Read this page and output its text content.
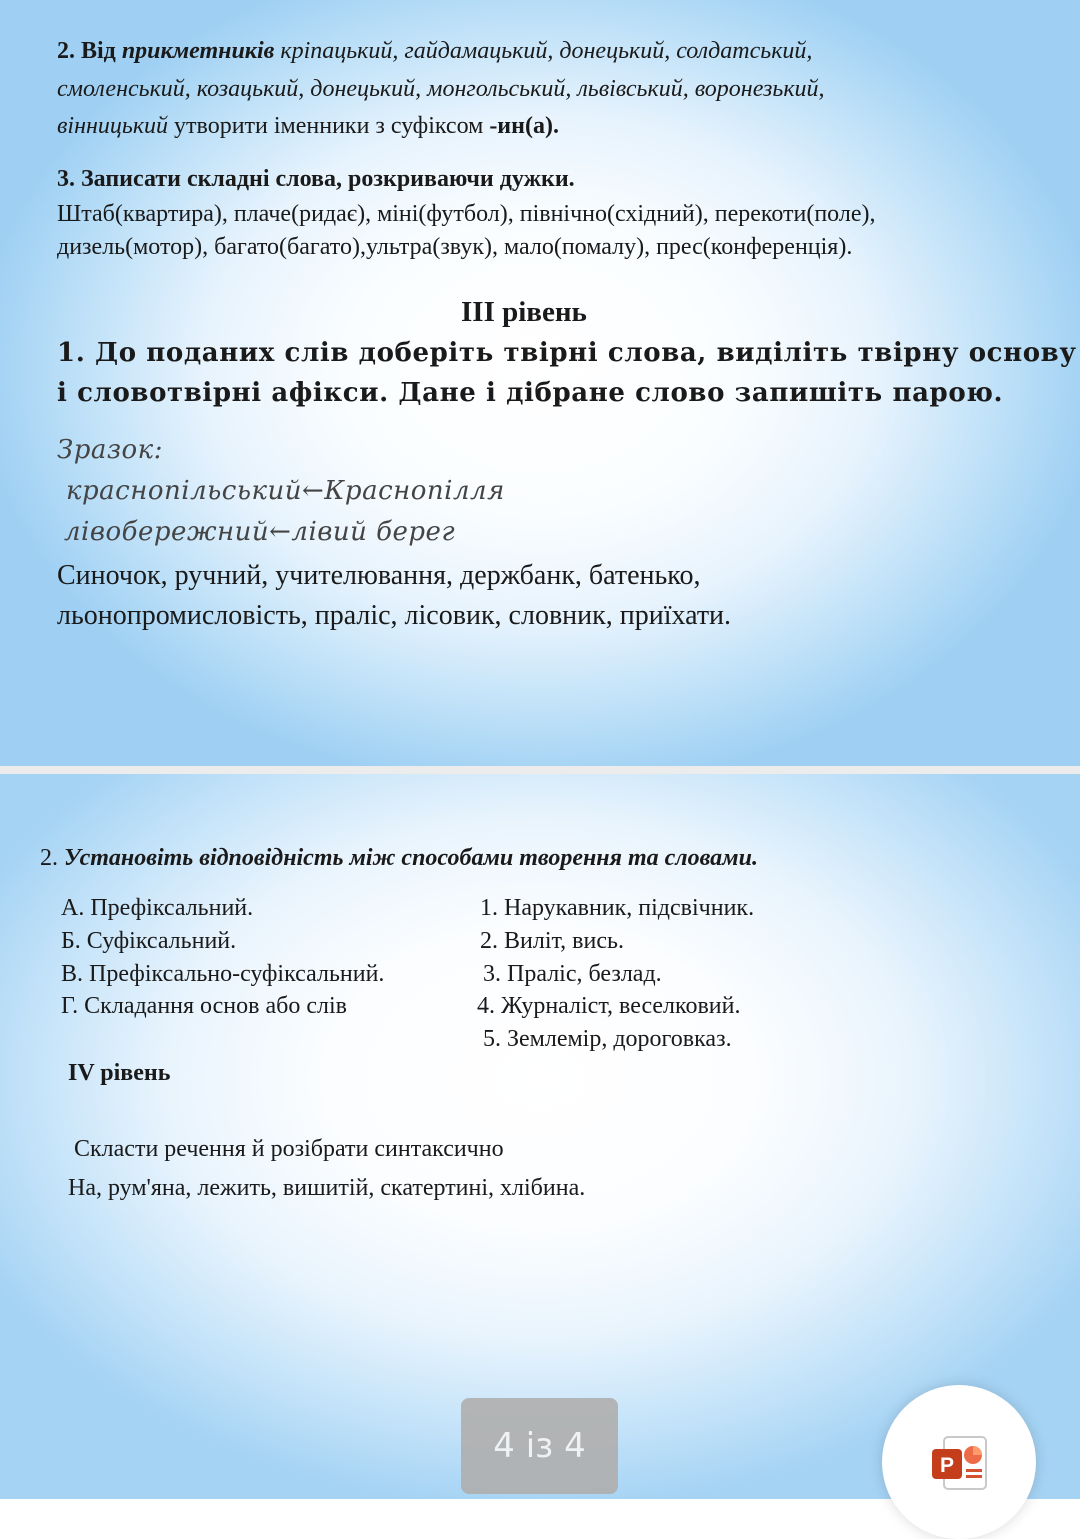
2. Від прикметників кріпацький, гайдамацький, донецький, солдатський,
смоленський, козацький, донецький, монгольський, львівський, воронезький,
вінницький утворити іменники з суфіксом -ин(а).
3. Записати складні слова, розкриваючи дужки.
Штаб(квартира), плаче(ридає), міні(футбол), північно(східний), перекоти(поле),
дизель(мотор), багато(багато),ультра(звук), мало(помалу), прес(конференція).
III рівень
1. До поданих слів доберіть твірні слова, виділіть твірну основу
і словотвірні афікси. Дане і дібране слово запишіть парою.
Зразок:
краснопільський←Краснопілля
лівобережний←лівий берег
Синочок, ручний, учителювання, держбанк, батенько,
льонопромисловість, праліс, лісовик, словник, приїхати.
2. Установіть відповідність між способами творення та словами.
А. Префіксальний.
Б. Суфіксальний.
В. Префіксально-суфіксальний.
Г. Складання основ або слів
1. Нарукавник, підсвічник.
2. Виліт, вись.
3. Праліс, безлад.
4. Журналіст, веселковий.
5. Землемір, дороговказ.
IV рівень
Скласти речення й розібрати синтаксично
На, рум'яна, лежить, вишитій, скатертині, хлібина.
4 із 4	P
